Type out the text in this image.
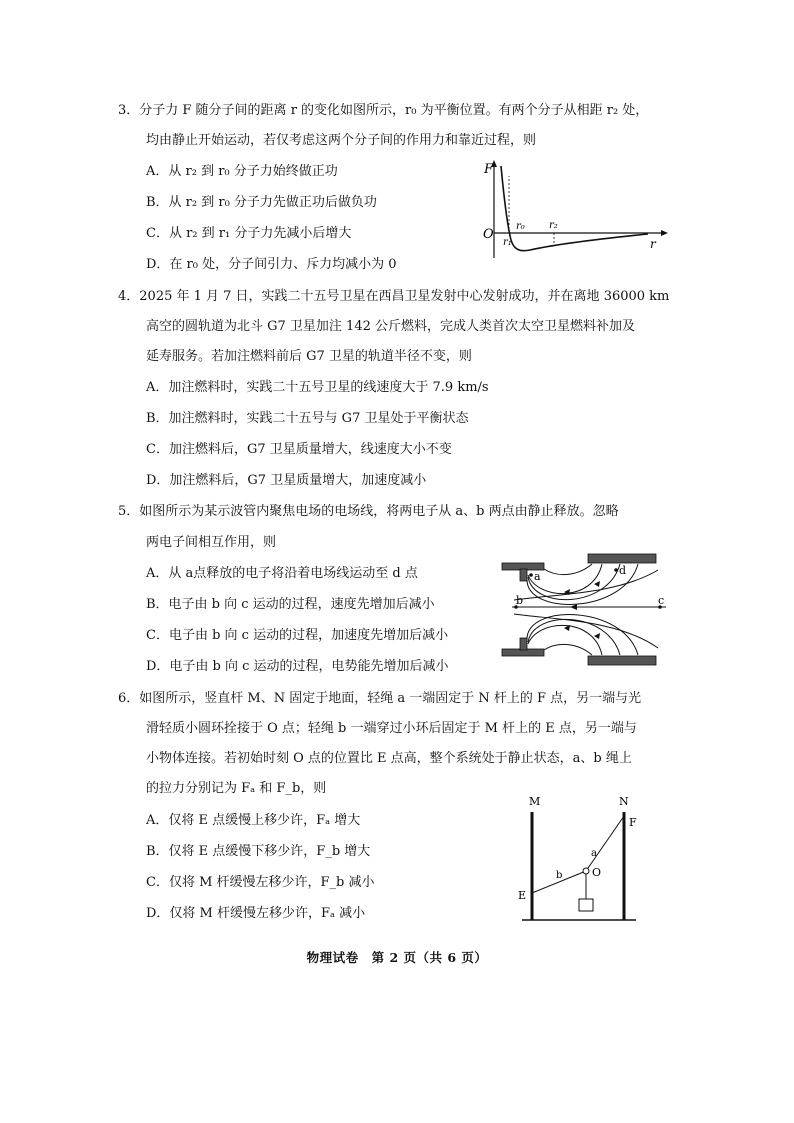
3．分子力 F 随分子间的距离 r 的变化如图所示，r₀ 为平衡位置。有两个分子从相距 r₂ 处，
均由静止开始运动，若仅考虑这两个分子间的作用力和靠近过程，则
A．从 r₂ 到 r₀ 分子力始终做正功
B．从 r₂ 到 r₀ 分子力先做正功后做负功
C．从 r₂ 到 r₁ 分子力先减小后增大
D．在 r₀ 处，分子间引力、斥力均减小为 0
F
O
r
r₀
r₁
r₂
4．2025 年 1 月 7 日，实践二十五号卫星在西昌卫星发射中心发射成功，并在离地 36000 km
高空的圆轨道为北斗 G7 卫星加注 142 公斤燃料，完成人类首次太空卫星燃料补加及
延寿服务。若加注燃料前后 G7 卫星的轨道半径不变，则
A．加注燃料时，实践二十五号卫星的线速度大于 7.9 km/s
B．加注燃料时，实践二十五号与 G7 卫星处于平衡状态
C．加注燃料后，G7 卫星质量增大，线速度大小不变
D．加注燃料后，G7 卫星质量增大，加速度减小
5．如图所示为某示波管内聚焦电场的电场线，将两电子从 a、b 两点由静止释放。忽略
两电子间相互作用，则
A．从 a点释放的电子将沿着电场线运动至 d 点
B．电子由 b 向 c 运动的过程，速度先增加后减小
C．电子由 b 向 c 运动的过程，加速度先增加后减小
D．电子由 b 向 c 运动的过程，电势能先增加后减小
a
b	c
d
6．如图所示，竖直杆 M、N 固定于地面，轻绳 a 一端固定于 N 杆上的 F 点，另一端与光
滑轻质小圆环拴接于 O 点；轻绳 b 一端穿过小环后固定于 M 杆上的 E 点，另一端与
小物体连接。若初始时刻 O 点的位置比 E 点高，整个系统处于静止状态，a、b 绳上
的拉力分别记为 Fₐ 和 F_b，则
A．仅将 E 点缓慢上移少许，Fₐ 增大
B．仅将 E 点缓慢下移少许，F_b 增大
C．仅将 M 杆缓慢左移少许，F_b 减小
D．仅将 M 杆缓慢左移少许，Fₐ 减小
M	N
F
E
O
a
b
物理试卷　第 2 页（共 6 页）
